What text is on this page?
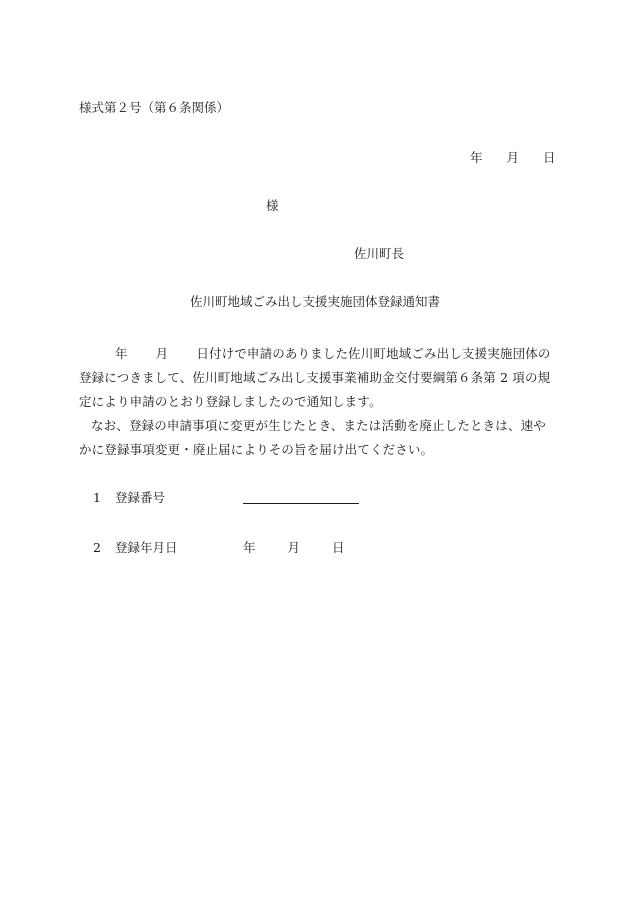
様式第２号（第６条関係）
年 月 日
様
佐川町長
佐川町地域ごみ出し支援実施団体登録通知書

年 月 日付けで申請のありました佐川町地域ごみ出し支援実施団体の登録につきまして、佐川町地域ごみ出し支援事業補助金交付要綱第６条第 2 項の規定により申請のとおり登録しましたので通知します。

なお、登録の申請事項に変更が生じたとき、または活動を廃止したときは、速やかに登録事項変更・廃止届によりその旨を届け出てください。

1 登録番号
2 登録年月日	年	月	日
